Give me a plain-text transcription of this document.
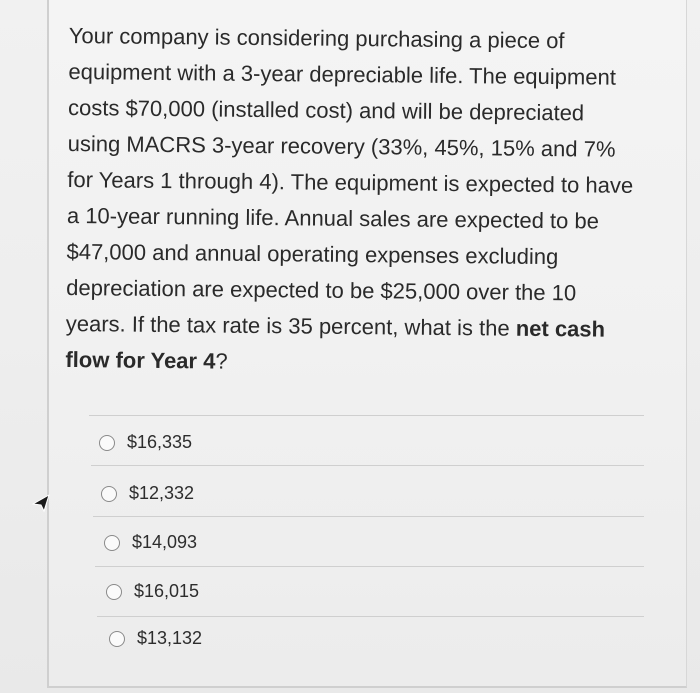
Your company is considering purchasing a piece of
equipment with a 3-year depreciable life. The equipment
costs $70,000 (installed cost) and will be depreciated
using MACRS 3-year recovery (33%, 45%, 15% and 7%
for Years 1 through 4). The equipment is expected to have
a 10-year running life. Annual sales are expected to be
$47,000 and annual operating expenses excluding
depreciation are expected to be $25,000 over the 10
years. If the tax rate is 35 percent, what is the net cash
flow for Year 4?
$16,335
$12,332
$14,093
$16,015
$13,132
